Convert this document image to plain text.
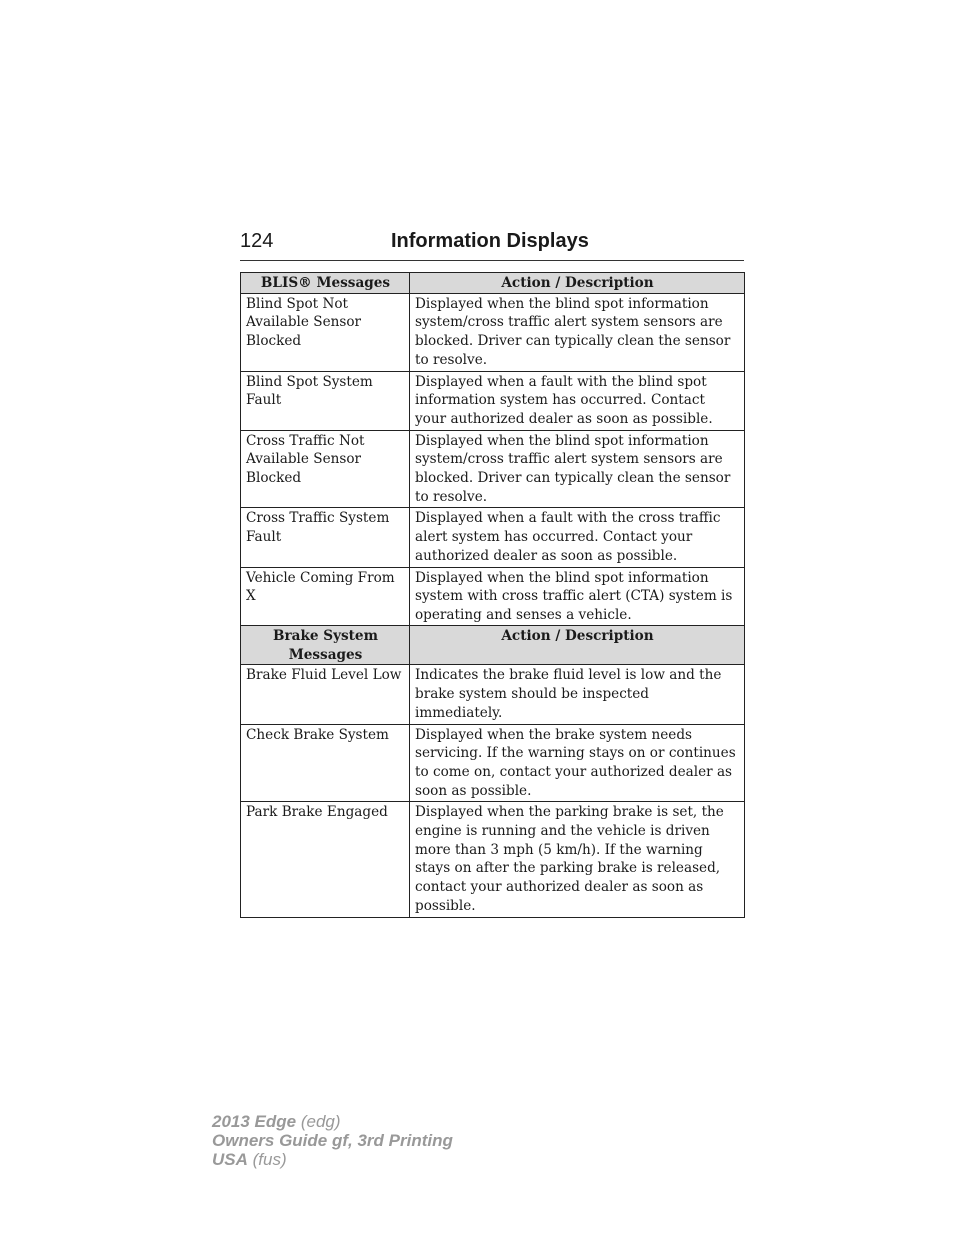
124	Information Displays
BLIS® Messages	Action / Description
Blind Spot Not Available Sensor Blocked	Displayed when the blind spot information system/cross traffic alert system sensors are blocked. Driver can typically clean the sensor to resolve.
Blind Spot System Fault	Displayed when a fault with the blind spot information system has occurred. Contact your authorized dealer as soon as possible.
Cross Traffic Not Available Sensor Blocked	Displayed when the blind spot information system/cross traffic alert system sensors are blocked. Driver can typically clean the sensor to resolve.
Cross Traffic System Fault	Displayed when a fault with the cross traffic alert system has occurred. Contact your authorized dealer as soon as possible.
Vehicle Coming From X	Displayed when the blind spot information system with cross traffic alert (CTA) system is operating and senses a vehicle.
Brake System Messages	Action / Description
Brake Fluid Level Low	Indicates the brake fluid level is low and the brake system should be inspected immediately.
Check Brake System	Displayed when the brake system needs servicing. If the warning stays on or continues to come on, contact your authorized dealer as soon as possible.
Park Brake Engaged	Displayed when the parking brake is set, the engine is running and the vehicle is driven more than 3 mph (5 km/h). If the warning stays on after the parking brake is released, contact your authorized dealer as soon as possible.
2013 Edge (edg)
Owners Guide gf, 3rd Printing
USA (fus)
